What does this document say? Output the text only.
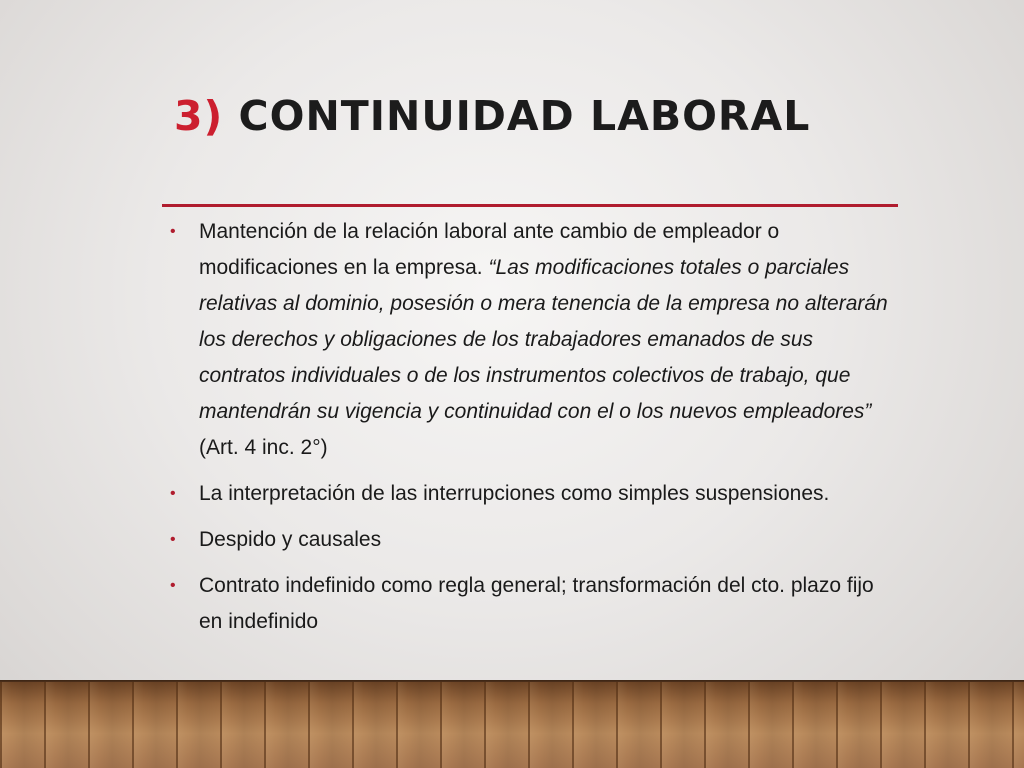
3) CONTINUIDAD LABORAL
• Mantención de la relación laboral ante cambio de empleador o modificaciones en la empresa. “Las modificaciones totales o parciales relativas al dominio, posesión o mera tenencia de la empresa no alterarán los derechos y obligaciones de los trabajadores emanados de sus contratos individuales o de los instrumentos colectivos de trabajo, que mantendrán su vigencia y continuidad con el o los nuevos empleadores” (Art. 4 inc. 2°)
• La interpretación de las interrupciones como simples suspensiones.
• Despido y causales
• Contrato indefinido como regla general; transformación del cto. plazo fijo en indefinido
